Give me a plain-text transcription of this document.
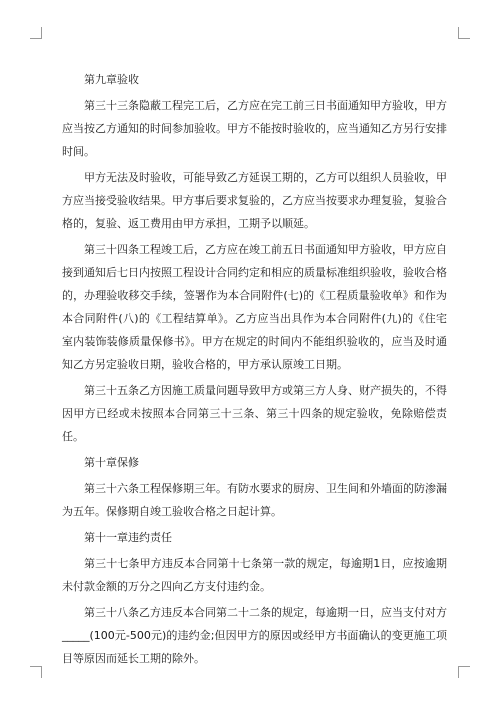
第九章验收
第三十三条隐蔽工程完工后，乙方应在完工前三日书面通知甲方验收，甲方应当按乙方通知的时间参加验收。甲方不能按时验收的，应当通知乙方另行安排时间。
甲方无法及时验收，可能导致乙方延误工期的，乙方可以组织人员验收，甲方应当接受验收结果。甲方事后要求复验的，乙方应当按要求办理复验，复验合格的，复验、返工费用由甲方承担，工期予以顺延。
第三十四条工程竣工后，乙方应在竣工前五日书面通知甲方验收，甲方应自接到通知后七日内按照工程设计合同约定和相应的质量标准组织验收，验收合格的，办理验收移交手续，签署作为本合同附件(七)的《工程质量验收单》和作为本合同附件(八)的《工程结算单》。乙方应当出具作为本合同附件(九)的《住宅室内装饰装修质量保修书》。甲方在规定的时间内不能组织验收的，应当及时通知乙方另定验收日期，验收合格的，甲方承认原竣工日期。
第三十五条乙方因施工质量问题导致甲方或第三方人身、财产损失的，不得因甲方已经或未按照本合同第三十三条、第三十四条的规定验收，免除赔偿责任。
第十章保修
第三十六条工程保修期三年。有防水要求的厨房、卫生间和外墙面的防渗漏为五年。保修期自竣工验收合格之日起计算。
第十一章违约责任
第三十七条甲方违反本合同第十七条第一款的规定，每逾期1日，应按逾期未付款金额的万分之四向乙方支付违约金。
第三十八条乙方违反本合同第二十二条的规定，每逾期一日，应当支付对方_____(100元-500元)的违约金;但因甲方的原因或经甲方书面确认的变更施工项目等原因而延长工期的除外。
